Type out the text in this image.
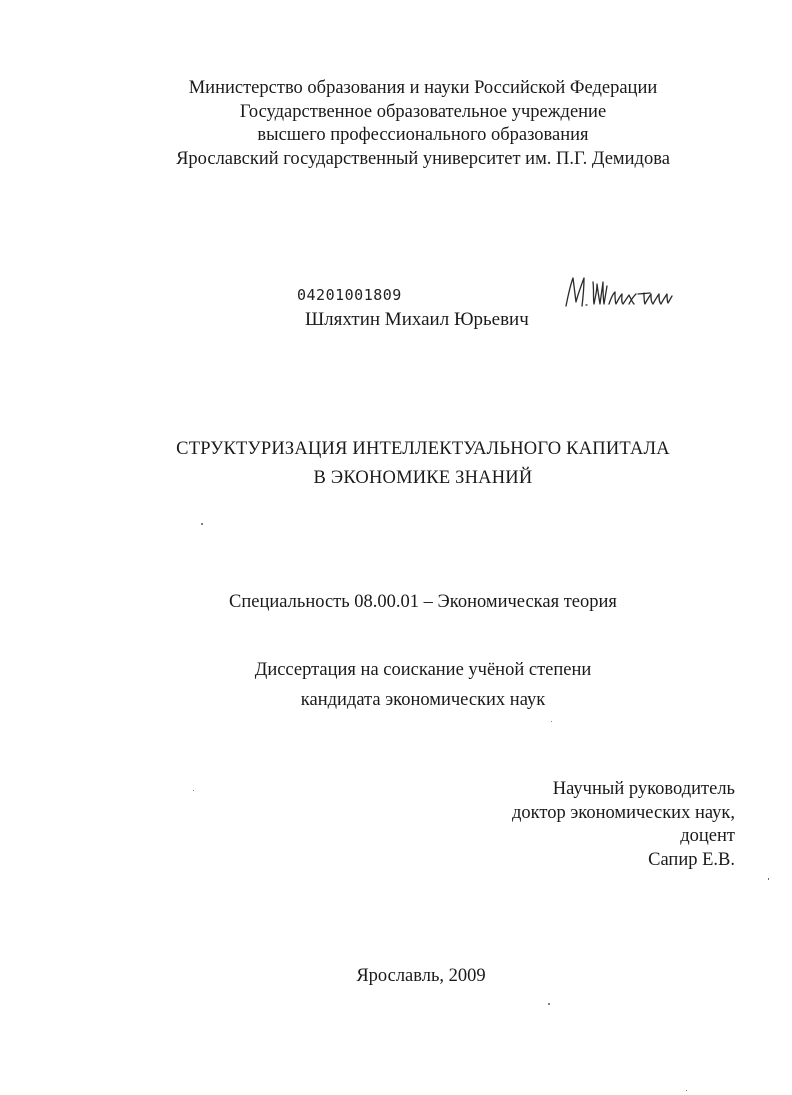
Министерство образования и науки Российской Федерации
Государственное образовательное учреждение
высшего профессионального образования
Ярославский государственный университет им. П.Г. Демидова
04201001809
Шляхтин Михаил Юрьевич
СТРУКТУРИЗАЦИЯ ИНТЕЛЛЕКТУАЛЬНОГО КАПИТАЛА
В ЭКОНОМИКЕ ЗНАНИЙ
Специальность 08.00.01 – Экономическая теория
Диссертация на соискание учёной степени
кандидата экономических наук
Научный руководитель
доктор экономических наук,
доцент
Сапир Е.В.
Ярославль, 2009
